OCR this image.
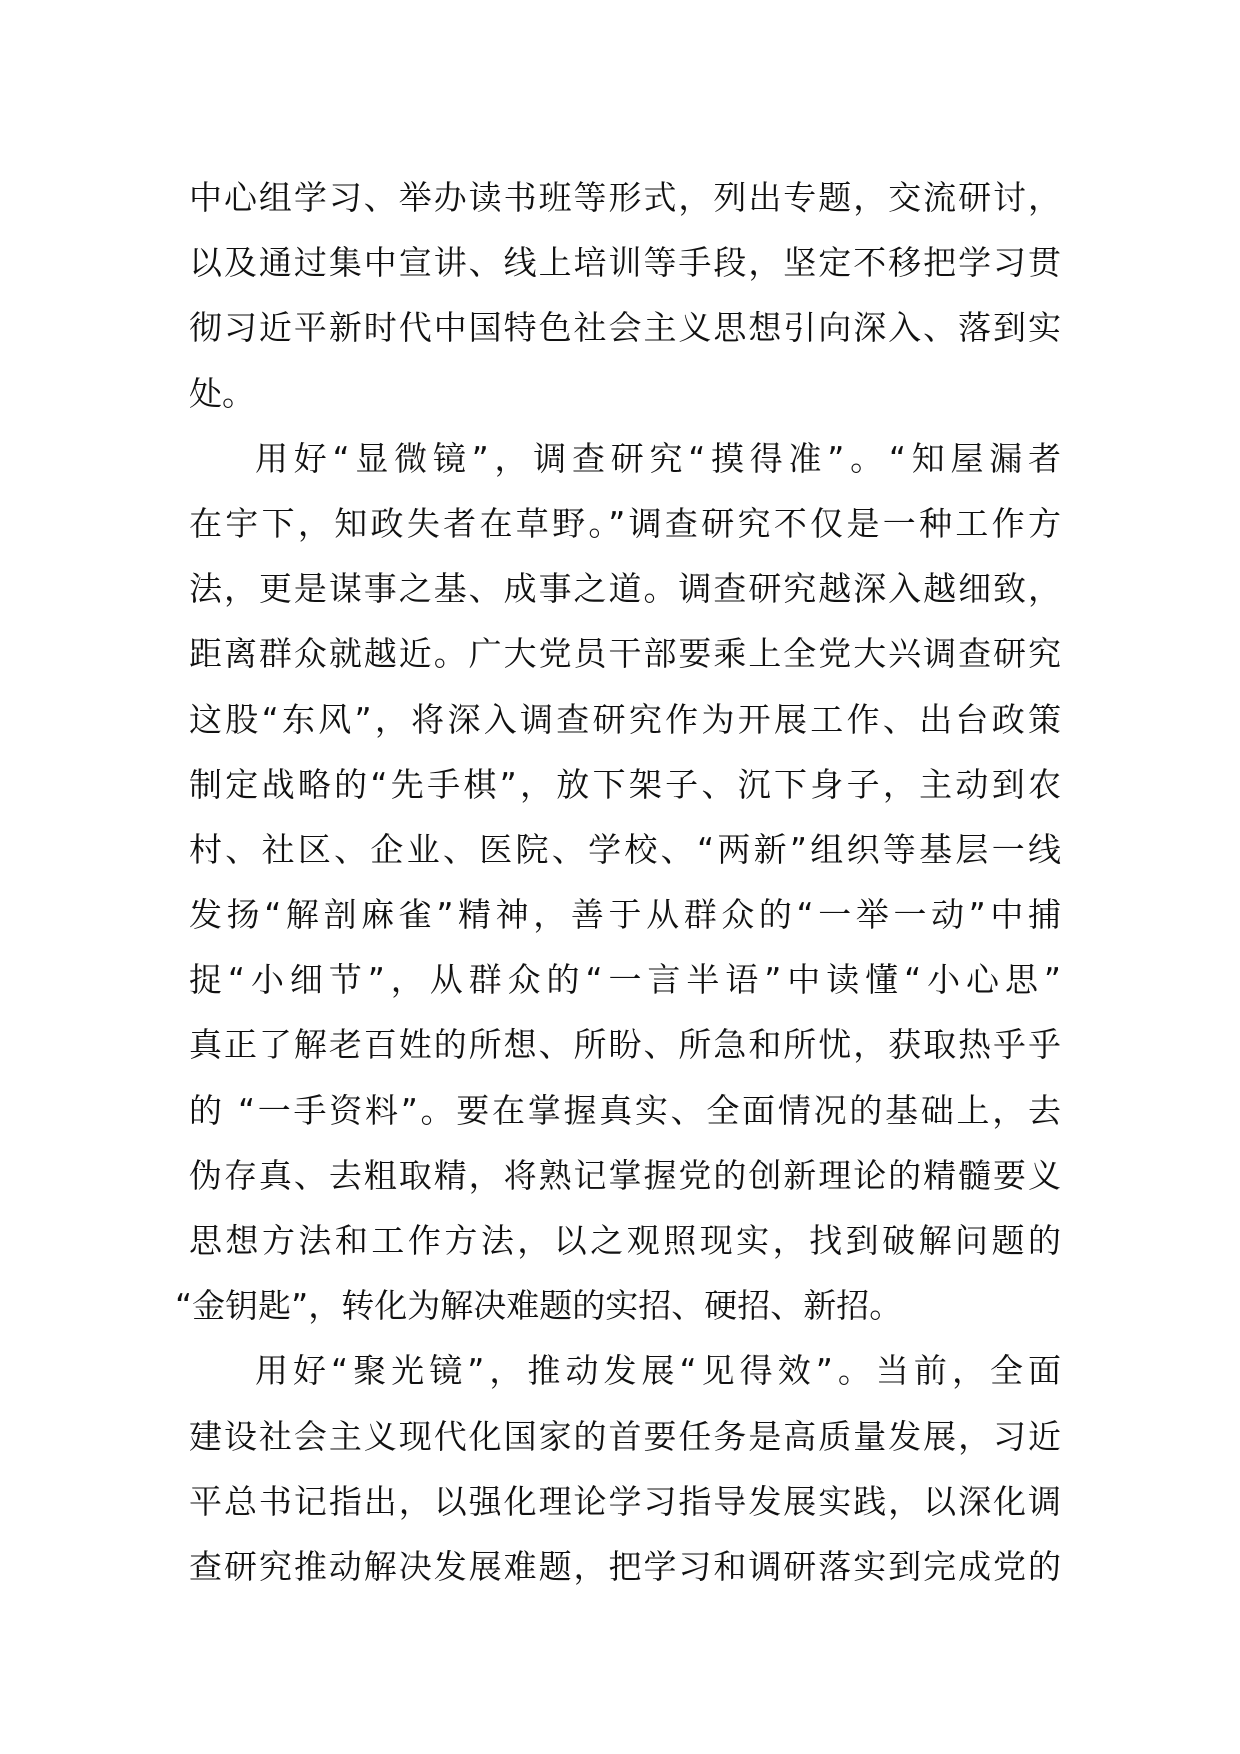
中心组学习、举办读书班等形式，列出专题，交流研讨，
以及通过集中宣讲、线上培训等手段，坚定不移把学习贯
彻习近平新时代中国特色社会主义思想引向深入、落到实
处。
用好“显微镜”，调查研究“摸得准”。“知屋漏者
在宇下，知政失者在草野。”调查研究不仅是一种工作方
法，更是谋事之基、成事之道。调查研究越深入越细致，
距离群众就越近。广大党员干部要乘上全党大兴调查研究
这股“东风”，将深入调查研究作为开展工作、出台政策
制定战略的“先手棋”，放下架子、沉下身子，主动到农
村、社区、企业、医院、学校、“两新”组织等基层一线
发扬“解剖麻雀”精神，善于从群众的“一举一动”中捕
捉“小细节”，从群众的“一言半语”中读懂“小心思”
真正了解老百姓的所想、所盼、所急和所忧，获取热乎乎
的 “一手资料”。要在掌握真实、全面情况的基础上，去
伪存真、去粗取精，将熟记掌握党的创新理论的精髓要义
思想方法和工作方法，以之观照现实，找到破解问题的
“金钥匙”，转化为解决难题的实招、硬招、新招。
用好“聚光镜”，推动发展“见得效”。当前，全面
建设社会主义现代化国家的首要任务是高质量发展，习近
平总书记指出，以强化理论学习指导发展实践，以深化调
查研究推动解决发展难题，把学习和调研落实到完成党的
